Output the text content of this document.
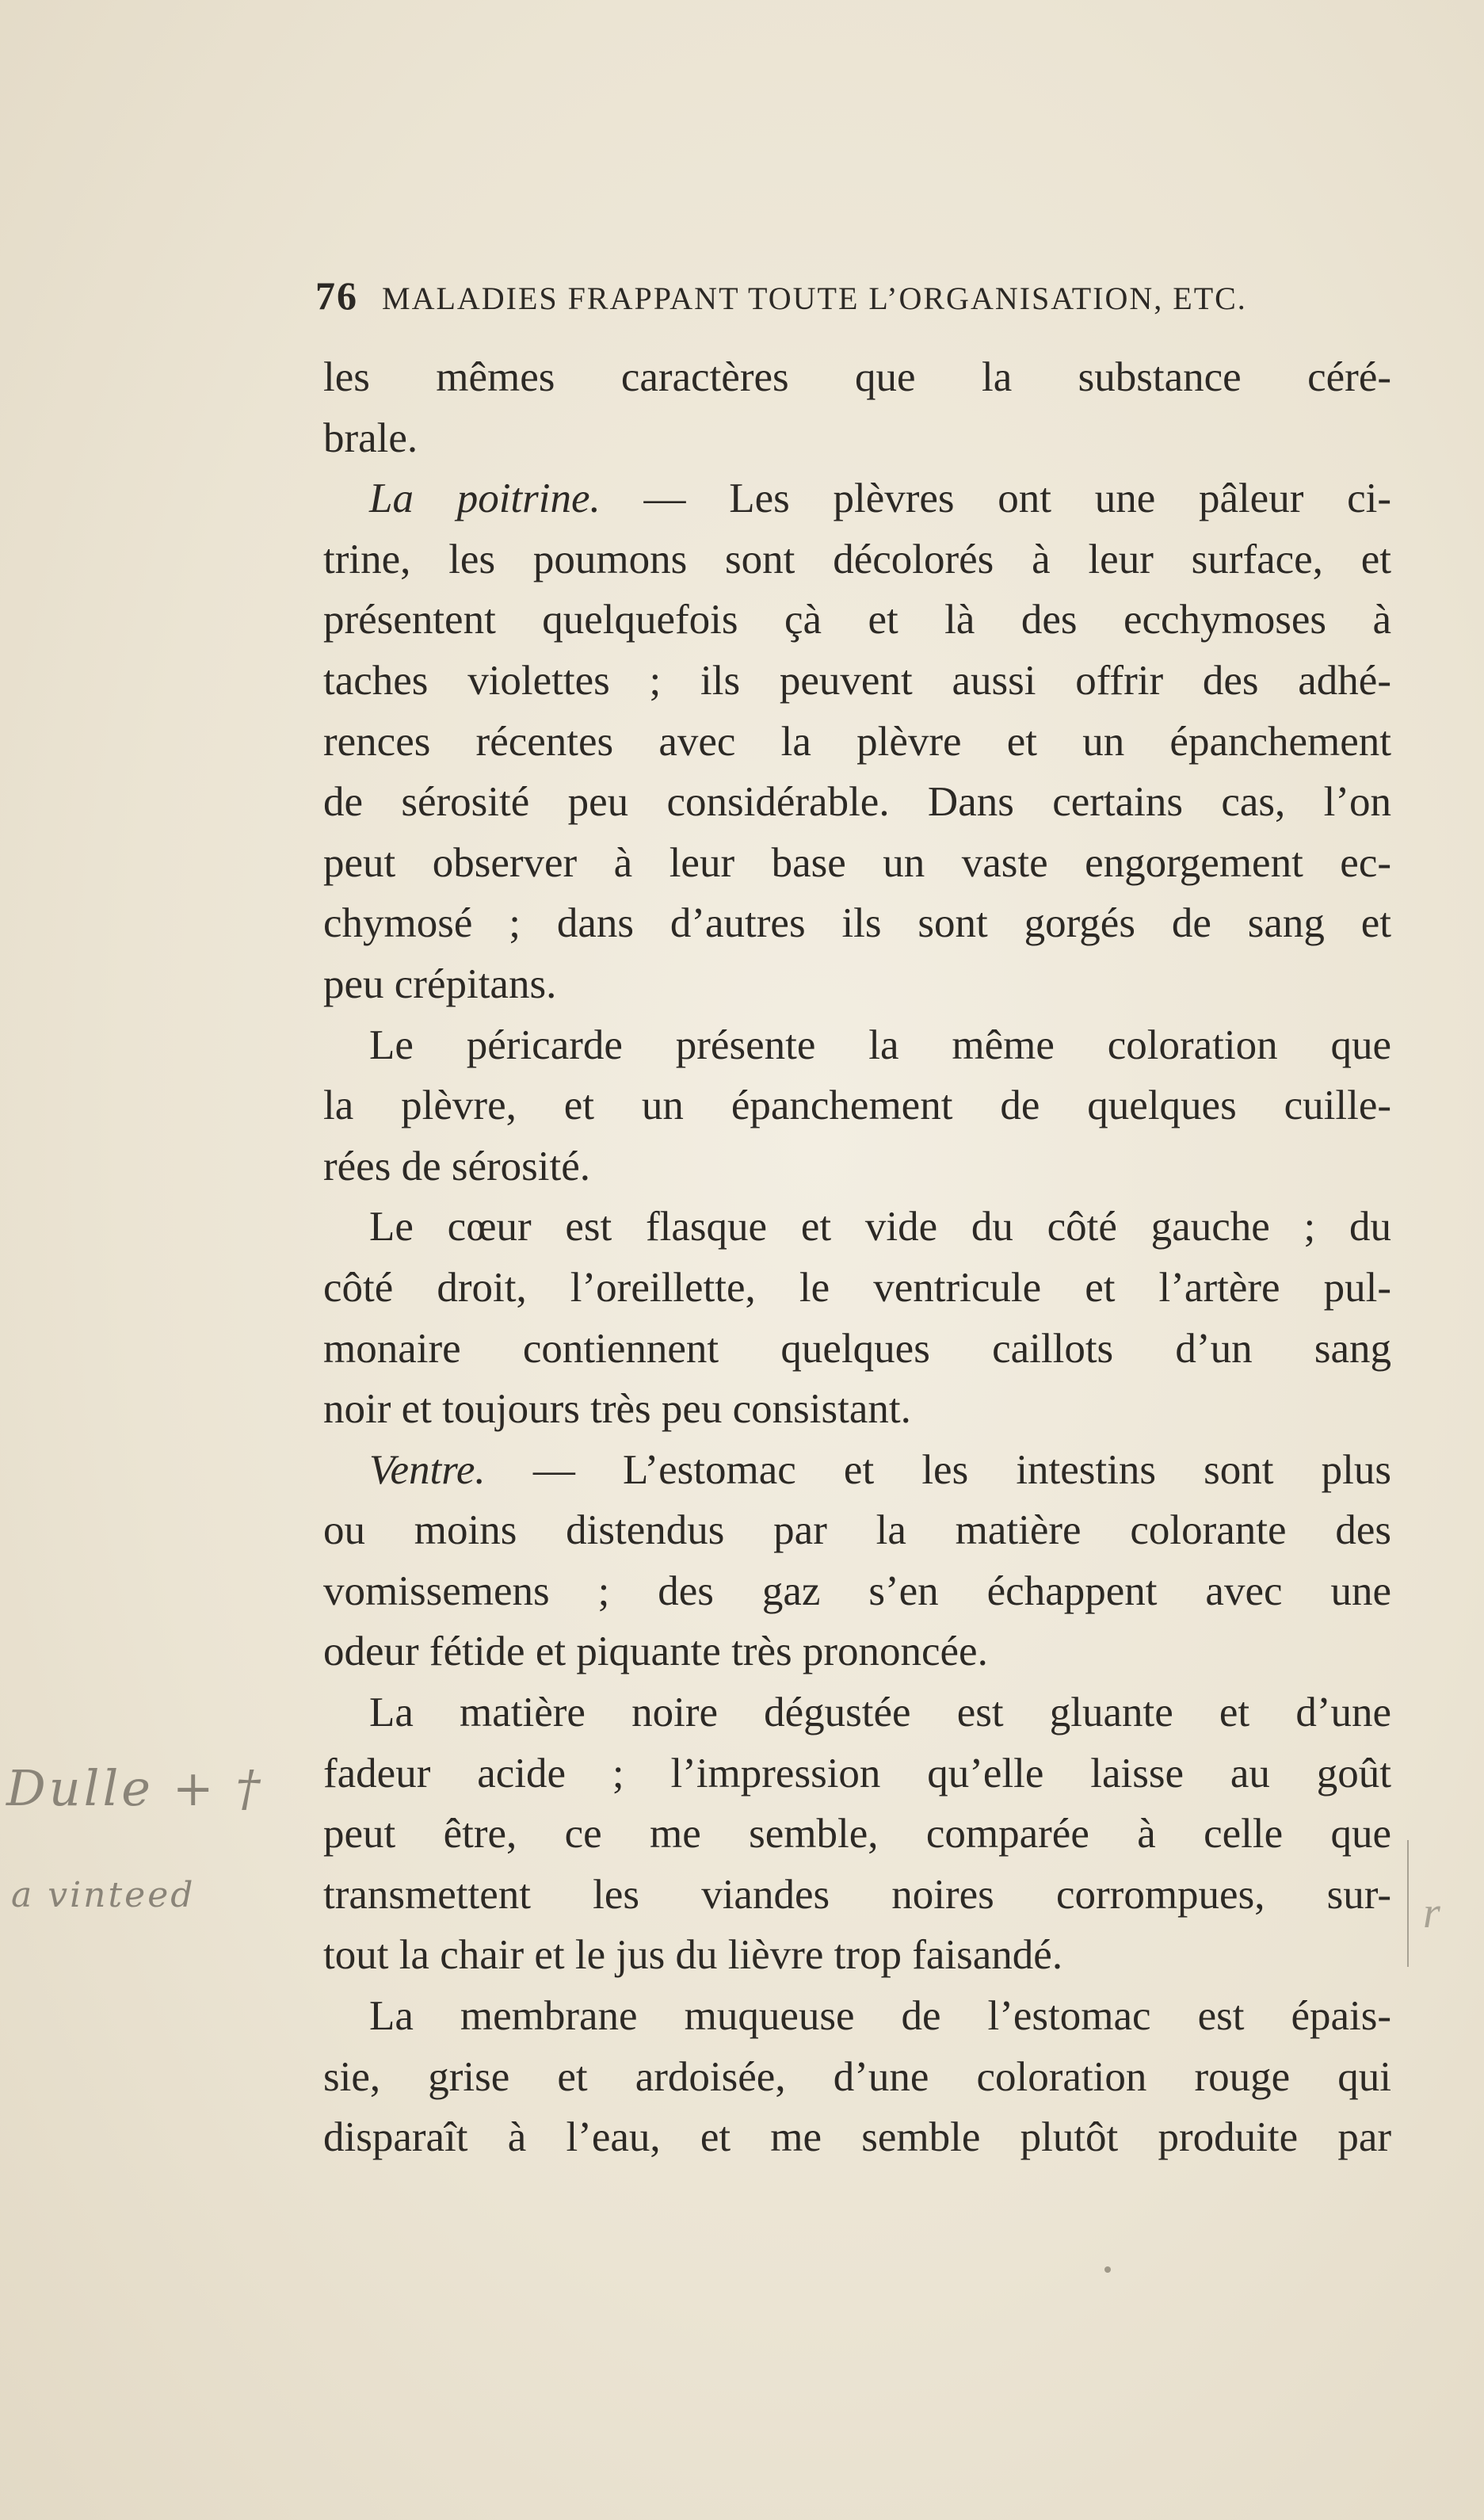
76 MALADIES FRAPPANT TOUTE L’ORGANISATION, ETC.
les mêmes caractères que la substance céré-
brale.
La poitrine. — Les plèvres ont une pâleur ci-
trine, les poumons sont décolorés à leur surface, et
présentent quelquefois çà et là des ecchymoses à
taches violettes ; ils peuvent aussi offrir des adhé-
rences récentes avec la plèvre et un épanchement
de sérosité peu considérable. Dans certains cas, l’on
peut observer à leur base un vaste engorgement ec-
chymosé ; dans d’autres ils sont gorgés de sang et
peu crépitans.
Le péricarde présente la même coloration que
la plèvre, et un épanchement de quelques cuille-
rées de sérosité.
Le cœur est flasque et vide du côté gauche ; du
côté droit, l’oreillette, le ventricule et l’artère pul-
monaire contiennent quelques caillots d’un sang
noir et toujours très peu consistant.
Ventre. — L’estomac et les intestins sont plus
ou moins distendus par la matière colorante des
vomissemens ; des gaz s’en échappent avec une
odeur fétide et piquante très prononcée.
La matière noire dégustée est gluante et d’une
fadeur acide ; l’impression qu’elle laisse au goût
peut être, ce me semble, comparée à celle que
transmettent les viandes noires corrompues, sur-
tout la chair et le jus du lièvre trop faisandé.
La membrane muqueuse de l’estomac est épais-
sie, grise et ardoisée, d’une coloration rouge qui
disparaît à l’eau, et me semble plutôt produite par
Dulle + †
a vinteed	r
